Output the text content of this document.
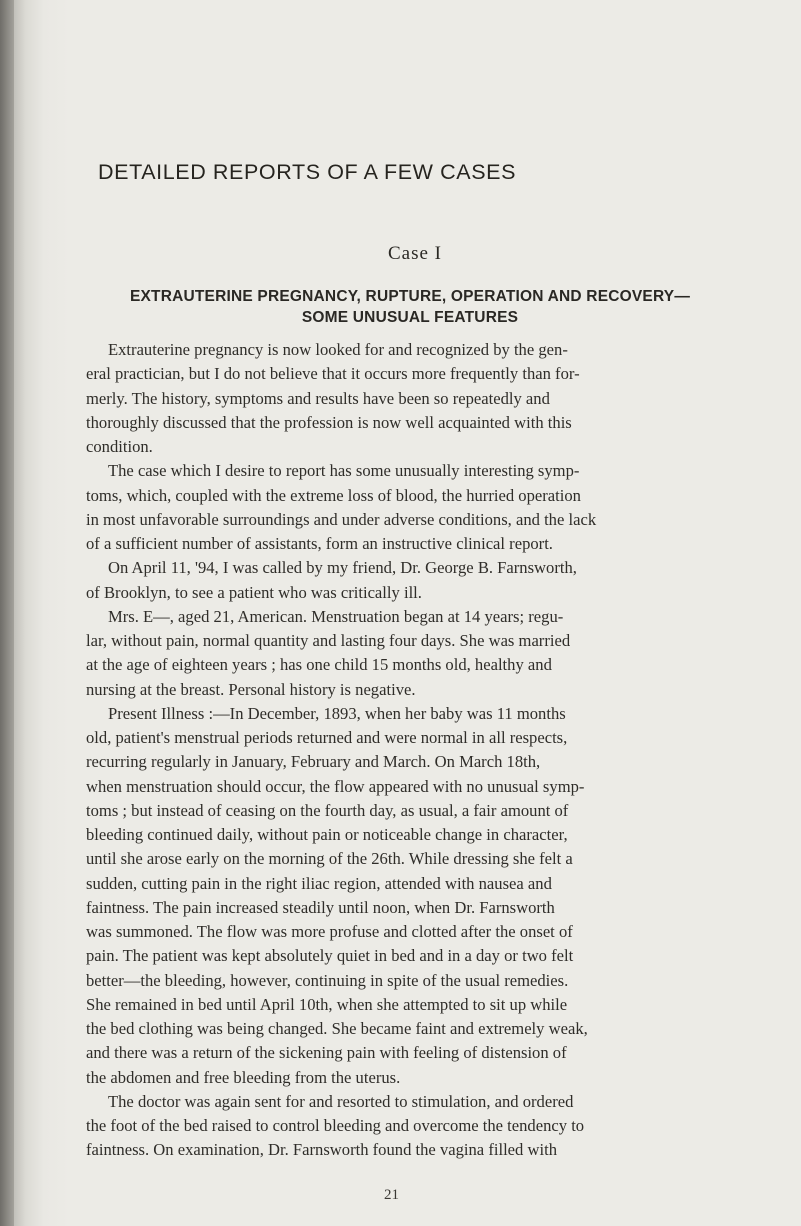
DETAILED REPORTS OF A FEW CASES
Case I
EXTRAUTERINE PREGNANCY, RUPTURE, OPERATION AND RECOVERY—
SOME UNUSUAL FEATURES
Extrauterine pregnancy is now looked for and recognized by the gen-
eral practician, but I do not believe that it occurs more frequently than for-
merly. The history, symptoms and results have been so repeatedly and
thoroughly discussed that the profession is now well acquainted with this
condition.
The case which I desire to report has some unusually interesting symp-
toms, which, coupled with the extreme loss of blood, the hurried operation
in most unfavorable surroundings and under adverse conditions, and the lack
of a sufficient number of assistants, form an instructive clinical report.
On April 11, '94, I was called by my friend, Dr. George B. Farnsworth,
of Brooklyn, to see a patient who was critically ill.
Mrs. E—, aged 21, American. Menstruation began at 14 years; regu-
lar, without pain, normal quantity and lasting four days. She was married
at the age of eighteen years ; has one child 15 months old, healthy and
nursing at the breast. Personal history is negative.
Present Illness :—In December, 1893, when her baby was 11 months
old, patient's menstrual periods returned and were normal in all respects,
recurring regularly in January, February and March. On March 18th,
when menstruation should occur, the flow appeared with no unusual symp-
toms ; but instead of ceasing on the fourth day, as usual, a fair amount of
bleeding continued daily, without pain or noticeable change in character,
until she arose early on the morning of the 26th. While dressing she felt a
sudden, cutting pain in the right iliac region, attended with nausea and
faintness. The pain increased steadily until noon, when Dr. Farnsworth
was summoned. The flow was more profuse and clotted after the onset of
pain. The patient was kept absolutely quiet in bed and in a day or two felt
better—the bleeding, however, continuing in spite of the usual remedies.
She remained in bed until April 10th, when she attempted to sit up while
the bed clothing was being changed. She became faint and extremely weak,
and there was a return of the sickening pain with feeling of distension of
the abdomen and free bleeding from the uterus.
The doctor was again sent for and resorted to stimulation, and ordered
the foot of the bed raised to control bleeding and overcome the tendency to
faintness. On examination, Dr. Farnsworth found the vagina filled with
21
